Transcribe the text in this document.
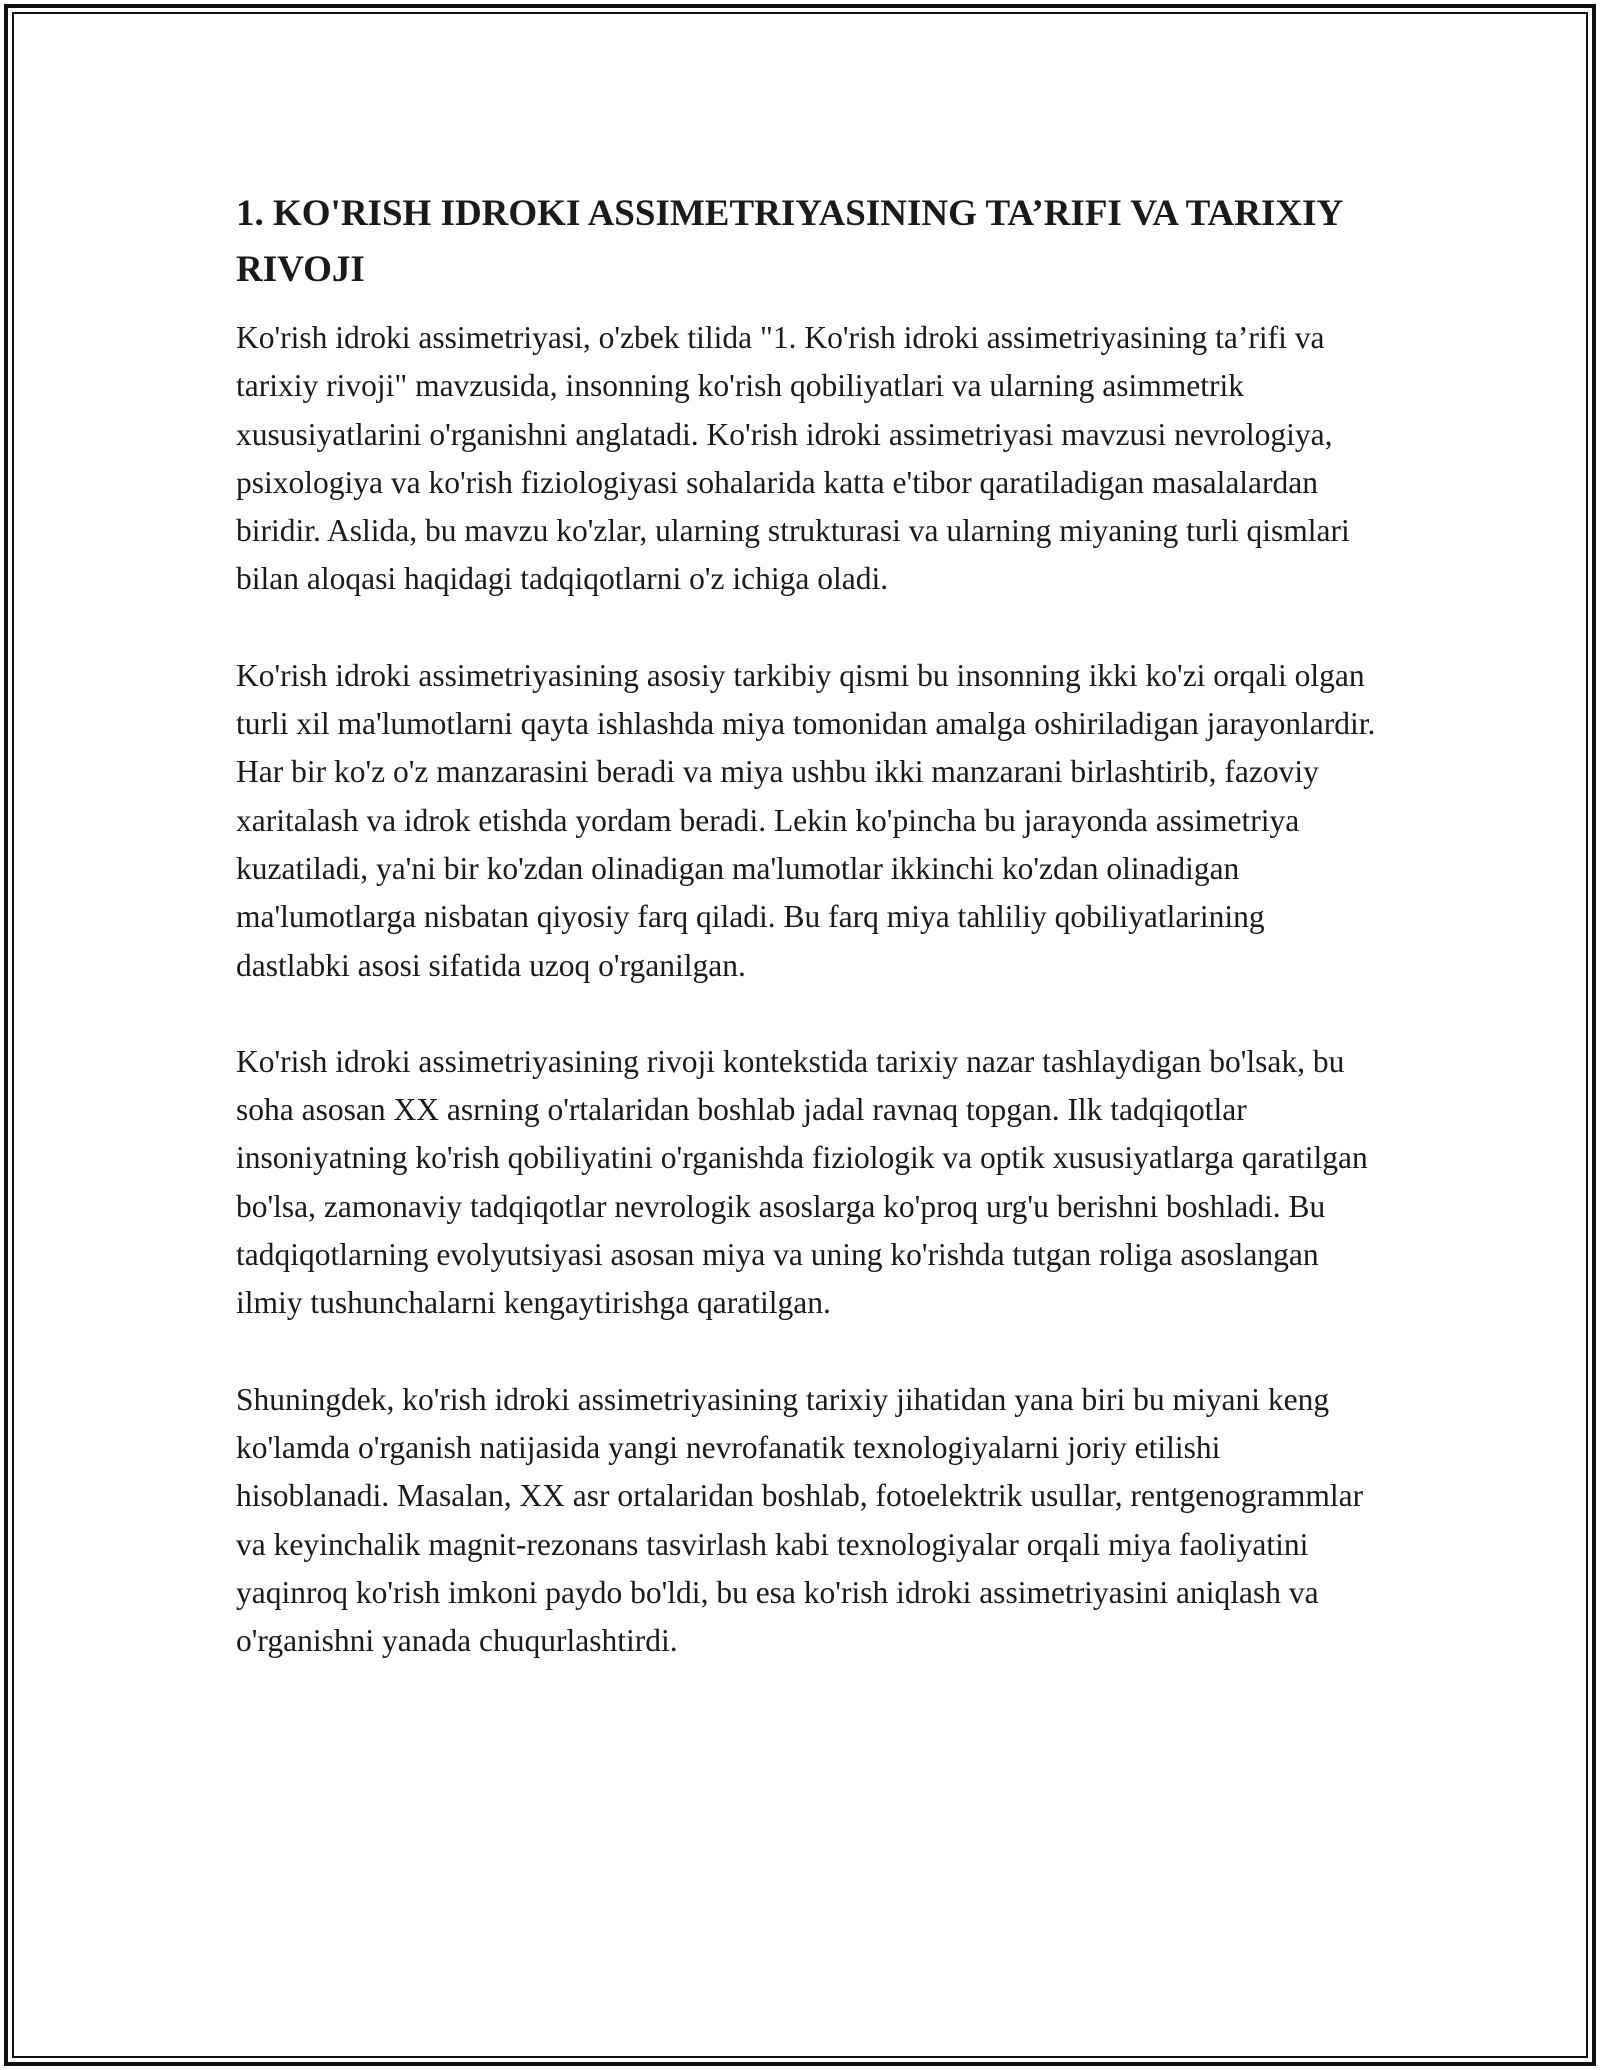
1. KO'RISH IDROKI ASSIMETRIYASINING TA’RIFI VA TARIXIY RIVOJI

Ko'rish idroki assimetriyasi, o'zbek tilida "1. Ko'rish idroki assimetriyasining ta’rifi va tarixiy rivoji" mavzusida, insonning ko'rish qobiliyatlari va ularning asimmetrik xususiyatlarini o'rganishni anglatadi. Ko'rish idroki assimetriyasi mavzusi nevrologiya, psixologiya va ko'rish fiziologiyasi sohalarida katta e'tibor qaratiladigan masalalardan biridir. Aslida, bu mavzu ko'zlar, ularning strukturasi va ularning miyaning turli qismlari bilan aloqasi haqidagi tadqiqotlarni o'z ichiga oladi.

Ko'rish idroki assimetriyasining asosiy tarkibiy qismi bu insonning ikki ko'zi orqali olgan turli xil ma'lumotlarni qayta ishlashda miya tomonidan amalga oshiriladigan jarayonlardir. Har bir ko'z o'z manzarasini beradi va miya ushbu ikki manzarani birlashtirib, fazoviy xaritalash va idrok etishda yordam beradi. Lekin ko'pincha bu jarayonda assimetriya kuzatiladi, ya'ni bir ko'zdan olinadigan ma'lumotlar ikkinchi ko'zdan olinadigan ma'lumotlarga nisbatan qiyosiy farq qiladi. Bu farq miya tahliliy qobiliyatlarining dastlabki asosi sifatida uzoq o'rganilgan.

Ko'rish idroki assimetriyasining rivoji kontekstida tarixiy nazar tashlaydigan bo'lsak, bu soha asosan XX asrning o'rtalaridan boshlab jadal ravnaq topgan. Ilk tadqiqotlar insoniyatning ko'rish qobiliyatini o'rganishda fiziologik va optik xususiyatlarga qaratilgan bo'lsa, zamonaviy tadqiqotlar nevrologik asoslarga ko'proq urg'u berishni boshladi. Bu tadqiqotlarning evolyutsiyasi asosan miya va uning ko'rishda tutgan roliga asoslangan ilmiy tushunchalarni kengaytirishga qaratilgan.

Shuningdek, ko'rish idroki assimetriyasining tarixiy jihatidan yana biri bu miyani keng ko'lamda o'rganish natijasida yangi nevrofanatik texnologiyalarni joriy etilishi hisoblanadi. Masalan, XX asr ortalaridan boshlab, fotoelektrik usullar, rentgenogrammlar va keyinchalik magnit-rezonans tasvirlash kabi texnologiyalar orqali miya faoliyatini yaqinroq ko'rish imkoni paydo bo'ldi, bu esa ko'rish idroki assimetriyasini aniqlash va o'rganishni yanada chuqurlashtirdi.
